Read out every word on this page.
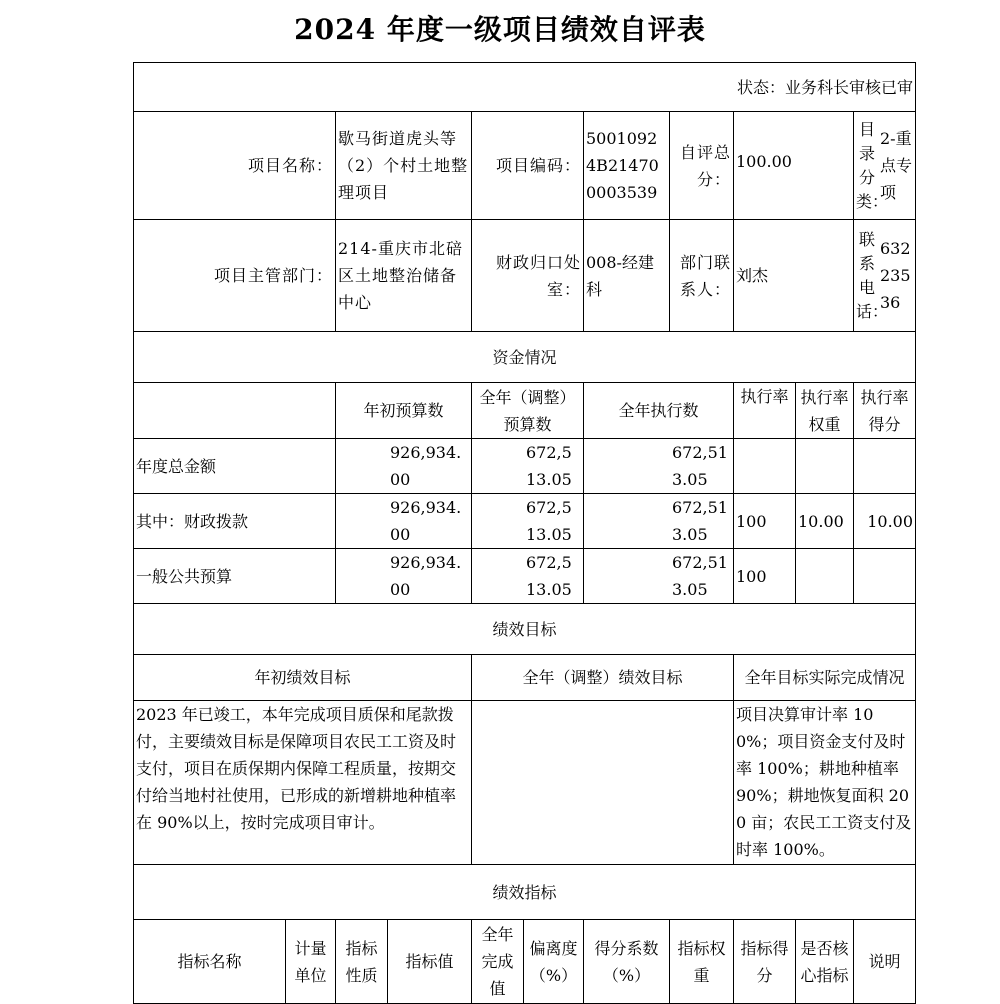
2024 年度一级项目绩效自评表
状态：业务科长审核已审										
项目名称：		歇马街道虎头等（2）个村土地整理项目		项目编码：		50010924B214700003539	自评总分：	100.00		目录分类：
2-重点专项

项目主管部门：		214-重庆市北碚区土地整治储备中心		财政归口处室：		008-经建科	部门联系人：	刘杰		联系电话：
63223536

资金情况										
		年初预算数		全年（调整）预算数		全年执行数		执行率	执行率权重	执行率得分
年度总金额		926,934.00		672,513.05		672,513.05				
其中：财政拨款		926,934.00		672,513.05		672,513.05		100	10.00	10.00
一般公共预算		926,934.00		672,513.05		672,513.05		100		
绩效目标										
年初绩效目标				全年（调整）绩效目标				全年目标实际完成情况		
2023 年已竣工，本年完成项目质保和尾款拨付，主要绩效目标是保障项目农民工工资及时支付，项目在质保期内保障工程质量，按期交付给当地村社使用，已形成的新增耕地种植率在 90%以上，按时完成项目审计。								项目决算审计率 100%；项目资金支付及时率 100%；耕地种植率 90%；耕地恢复面积 200 亩；农民工工资支付及时率 100%。		
绩效指标										
指标名称	计量单位	指标性质	指标值	全年完成值	偏离度（%）	得分系数（%）	指标权重	指标得分	是否核心指标	说明
